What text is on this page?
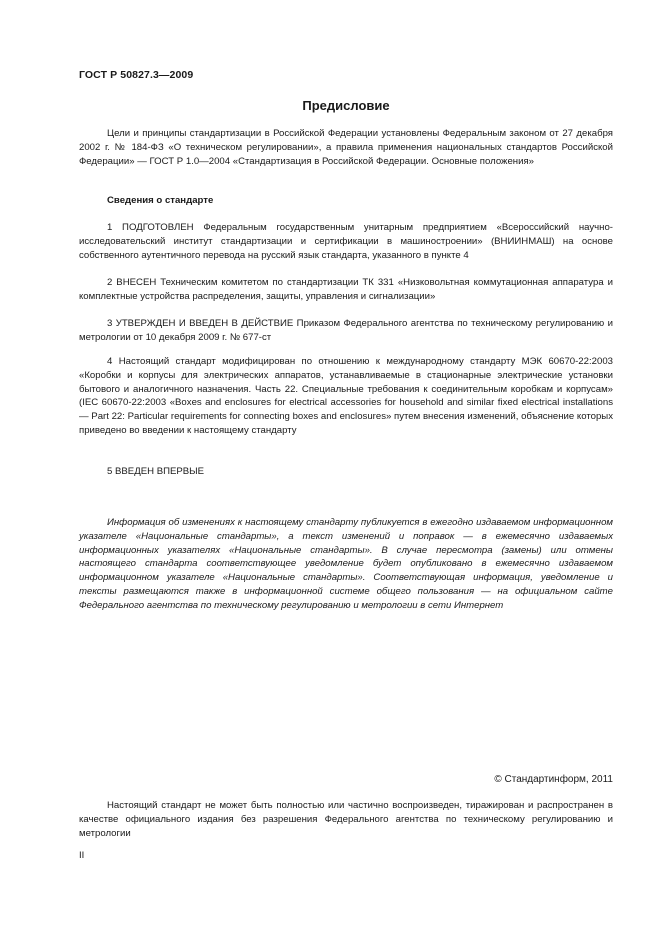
ГОСТ Р 50827.3—2009
Предисловие

Цели и принципы стандартизации в Российской Федерации установлены Федеральным законом от 27 декабря 2002 г. № 184-ФЗ «О техническом регулировании», а правила применения национальных стандартов Российской Федерации» — ГОСТ Р 1.0—2004 «Стандартизация в Российской Федерации. Основные положения»

Сведения о стандарте

1 ПОДГОТОВЛЕН Федеральным государственным унитарным предприятием «Всероссийский научно-исследовательский институт стандартизации и сертификации в машиностроении» (ВНИИНМАШ) на основе собственного аутентичного перевода на русский язык стандарта, указанного в пункте 4

2 ВНЕСЕН Техническим комитетом по стандартизации ТК 331 «Низковольтная коммутационная аппаратура и комплектные устройства распределения, защиты, управления и сигнализации»

3 УТВЕРЖДЕН И ВВЕДЕН В ДЕЙСТВИЕ Приказом Федерального агентства по техническому регулированию и метрологии от 10 декабря 2009 г. № 677-ст

4 Настоящий стандарт модифицирован по отношению к международному стандарту МЭК 60670-22:2003 «Коробки и корпусы для электрических аппаратов, устанавливаемые в стационарные электрические установки бытового и аналогичного назначения. Часть 22. Специальные требования к соединительным коробкам и корпусам» (IEC 60670-22:2003 «Boxes and enclosures for electrical accessories for household and similar fixed electrical installations — Part 22: Particular requirements for connecting boxes and enclosures» путем внесения изменений, объяснение которых приведено во введении к настоящему стандарту

5 ВВЕДЕН ВПЕРВЫЕ

Информация об изменениях к настоящему стандарту публикуется в ежегодно издаваемом информационном указателе «Национальные стандарты», а текст изменений и поправок — в ежемесячно издаваемых информационных указателях «Национальные стандарты». В случае пересмотра (замены) или отмены настоящего стандарта соответствующее уведомление будет опубликовано в ежемесячно издаваемом информационном указателе «Национальные стандарты». Соответствующая информация, уведомление и тексты размещаются также в информационной системе общего пользования — на официальном сайте Федерального агентства по техническому регулированию и метрологии в сети Интернет

© Стандартинформ, 2011

Настоящий стандарт не может быть полностью или частично воспроизведен, тиражирован и распространен в качестве официального издания без разрешения Федерального агентства по техническому регулированию и метрологии

II
